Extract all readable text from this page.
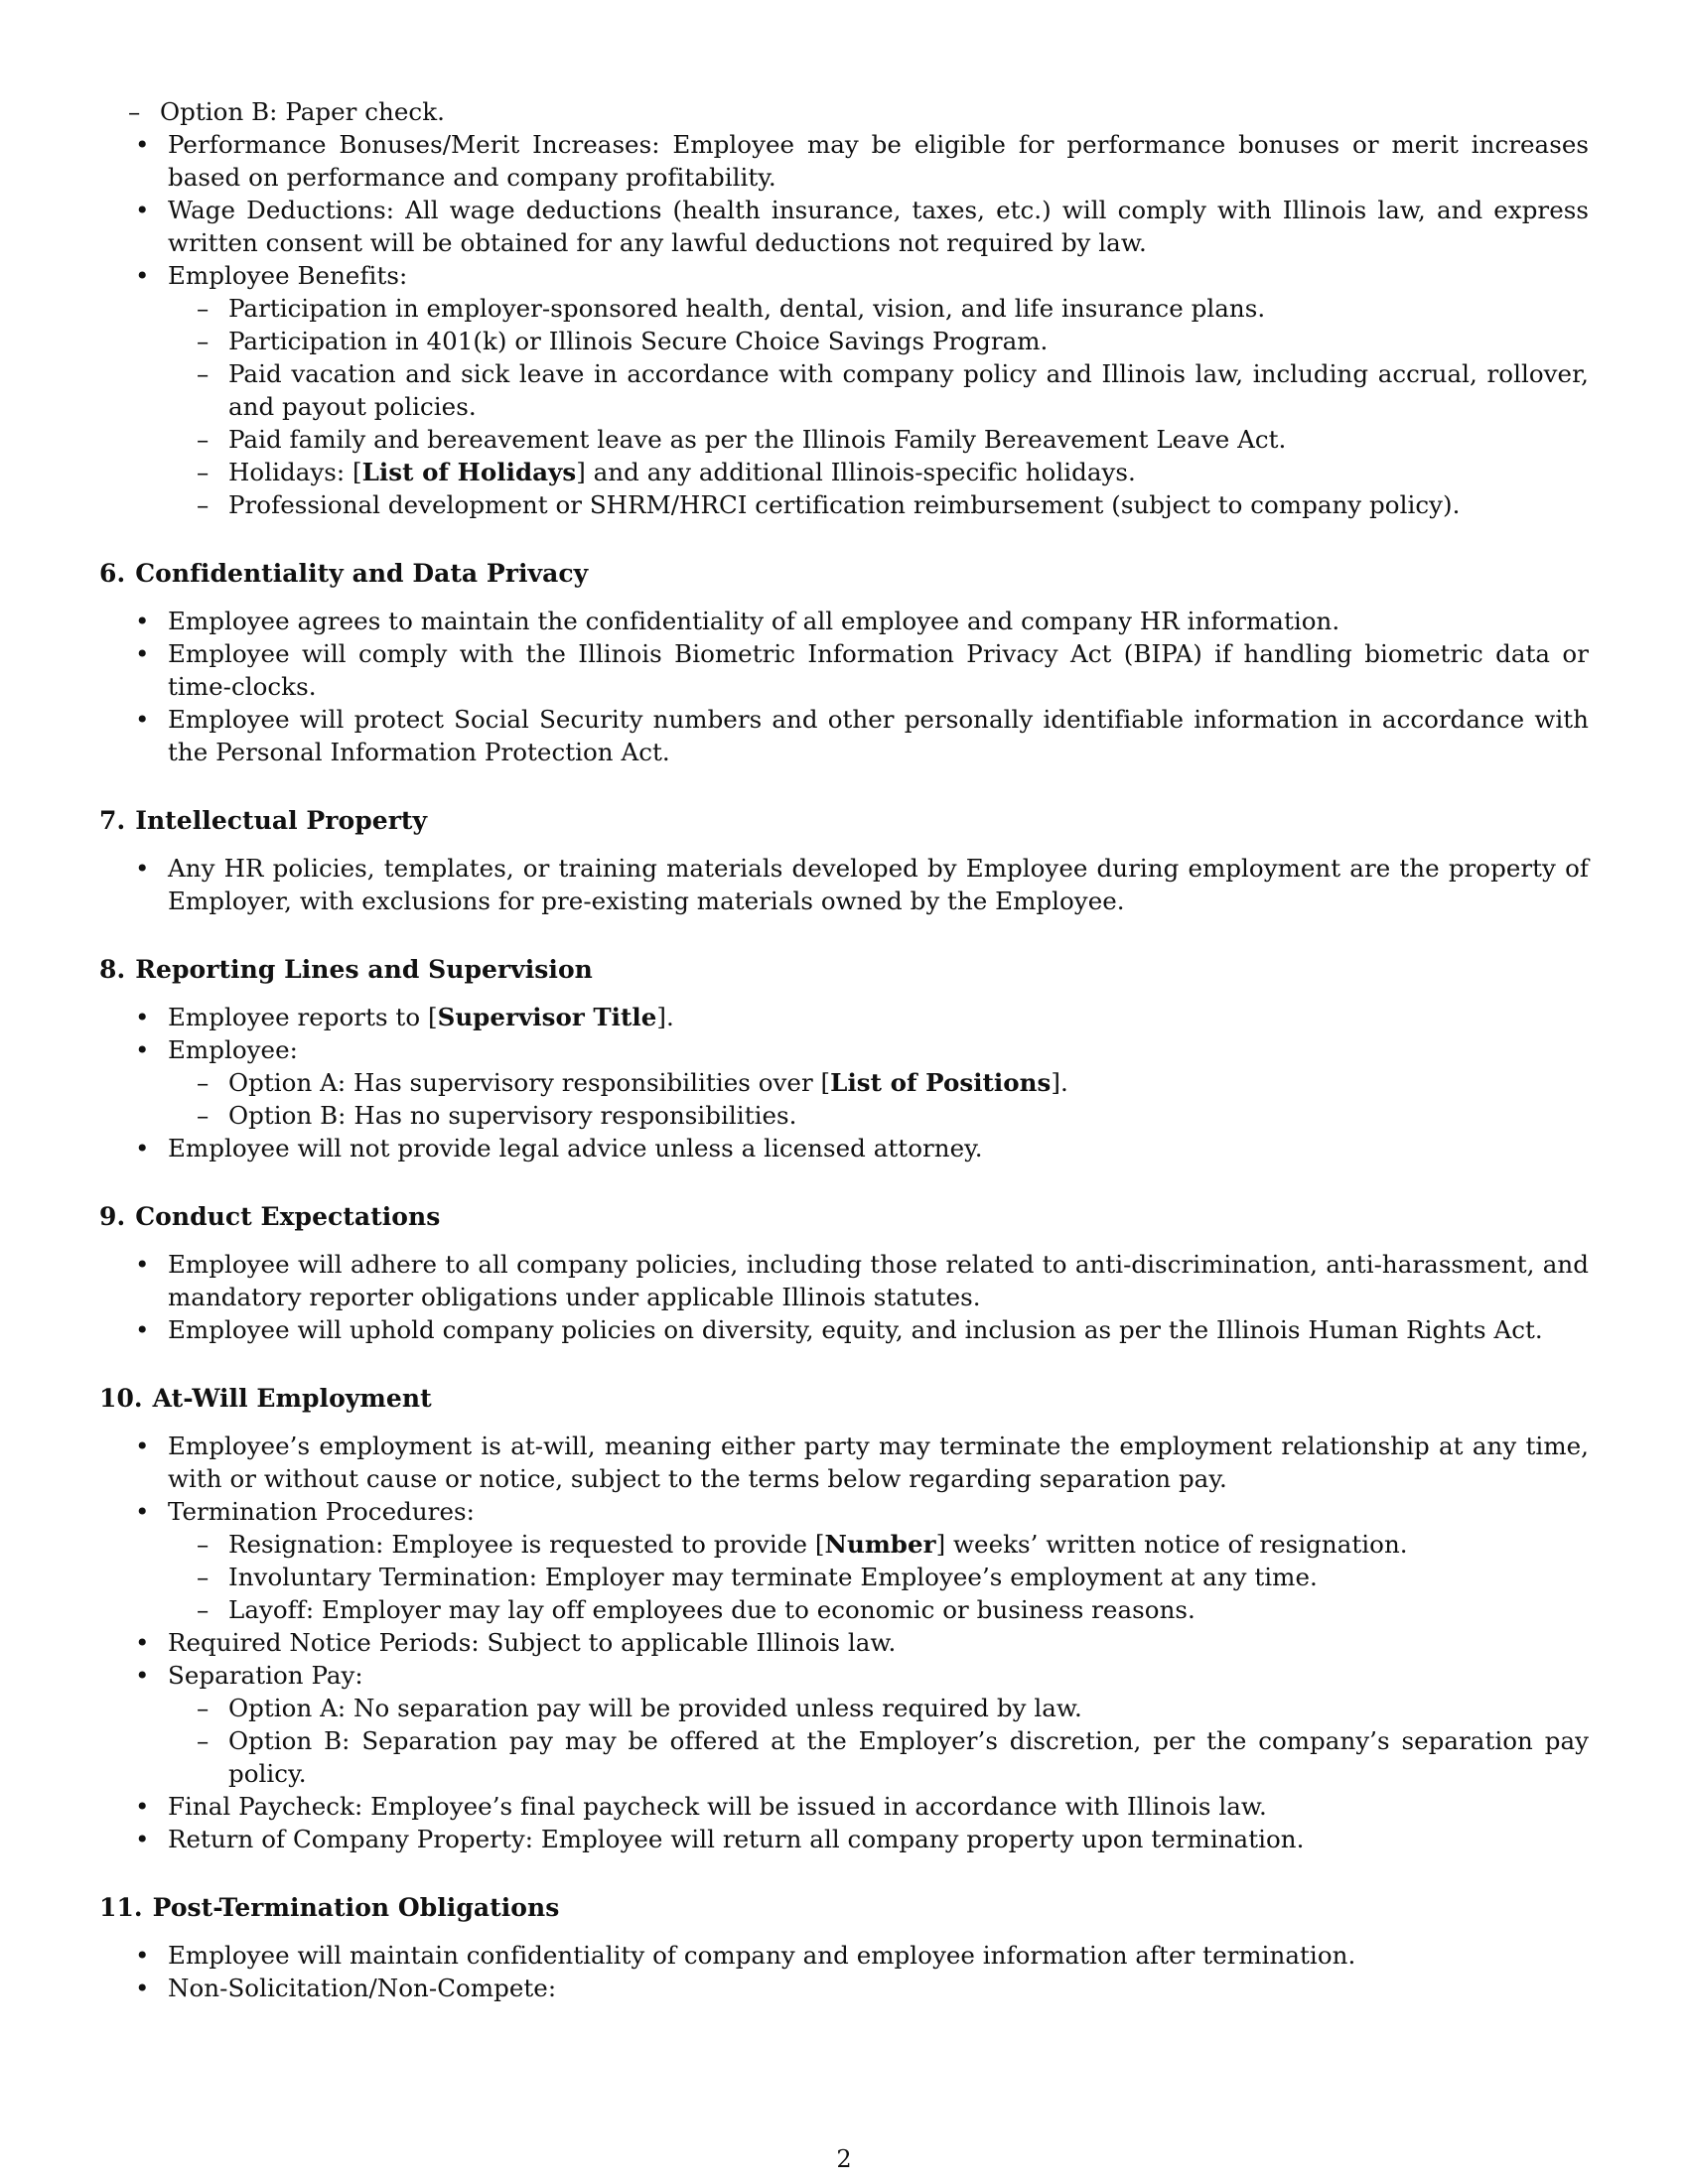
– Option B: Paper check.
• Performance Bonuses/Merit Increases: Employee may be eligible for performance bonuses or merit increases based on performance and company profitability.
• Wage Deductions: All wage deductions (health insurance, taxes, etc.) will comply with Illinois law, and express written consent will be obtained for any lawful deductions not required by law.
• Employee Benefits:
– Participation in employer-sponsored health, dental, vision, and life insurance plans.
– Participation in 401(k) or Illinois Secure Choice Savings Program.
– Paid vacation and sick leave in accordance with company policy and Illinois law, including accrual, rollover, and payout policies.
– Paid family and bereavement leave as per the Illinois Family Bereavement Leave Act.
– Holidays: [List of Holidays] and any additional Illinois-specific holidays.
– Professional development or SHRM/HRCI certification reimbursement (subject to company policy).
6. Confidentiality and Data Privacy
• Employee agrees to maintain the confidentiality of all employee and company HR information.
• Employee will comply with the Illinois Biometric Information Privacy Act (BIPA) if handling biometric data or time-clocks.
• Employee will protect Social Security numbers and other personally identifiable information in accordance with the Personal Information Protection Act.
7. Intellectual Property
• Any HR policies, templates, or training materials developed by Employee during employment are the property of Employer, with exclusions for pre-existing materials owned by the Employee.
8. Reporting Lines and Supervision
• Employee reports to [Supervisor Title].
• Employee:
– Option A: Has supervisory responsibilities over [List of Positions].
– Option B: Has no supervisory responsibilities.
• Employee will not provide legal advice unless a licensed attorney.
9. Conduct Expectations
• Employee will adhere to all company policies, including those related to anti-discrimination, anti-harassment, and mandatory reporter obligations under applicable Illinois statutes.
• Employee will uphold company policies on diversity, equity, and inclusion as per the Illinois Human Rights Act.
10. At-Will Employment
• Employee’s employment is at-will, meaning either party may terminate the employment relationship at any time, with or without cause or notice, subject to the terms below regarding separation pay.
• Termination Procedures:
– Resignation: Employee is requested to provide [Number] weeks’ written notice of resignation.
– Involuntary Termination: Employer may terminate Employee’s employment at any time.
– Layoff: Employer may lay off employees due to economic or business reasons.
• Required Notice Periods: Subject to applicable Illinois law.
• Separation Pay:
– Option A: No separation pay will be provided unless required by law.
– Option B: Separation pay may be offered at the Employer’s discretion, per the company’s separation pay policy.
• Final Paycheck: Employee’s final paycheck will be issued in accordance with Illinois law.
• Return of Company Property: Employee will return all company property upon termination.
11. Post-Termination Obligations
• Employee will maintain confidentiality of company and employee information after termination.
• Non-Solicitation/Non-Compete:
2
